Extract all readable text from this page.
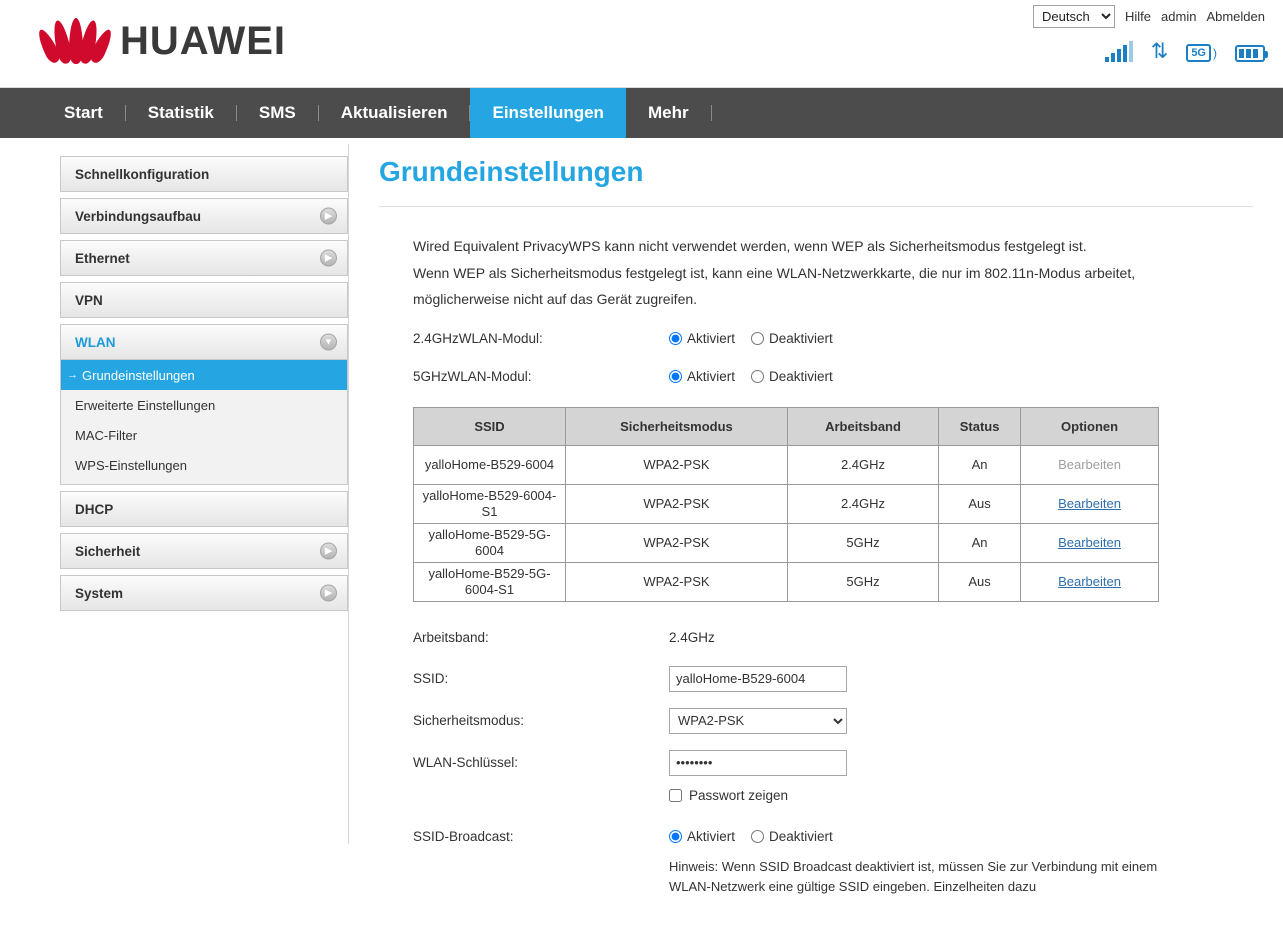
HUAWEI
Deutsch
Hilfe admin Abmelden
⇅	5G )
Start	Statistik	SMS	Aktualisieren	Einstellungen	Mehr
Schnellkonfiguration
Verbindungsaufbau	▶
Ethernet	▶
VPN
WLAN	▼
→ Grundeinstellungen
Erweiterte Einstellungen
MAC-Filter
WPS-Einstellungen
DHCP
Sicherheit	▶
System	▶
Grundeinstellungen
Wired Equivalent PrivacyWPS kann nicht verwendet werden, wenn WEP als Sicherheitsmodus festgelegt ist.
Wenn WEP als Sicherheitsmodus festgelegt ist, kann eine WLAN-Netzwerkkarte, die nur im 802.11n-Modus arbeitet, möglicherweise nicht auf das Gerät zugreifen.
2.4GHzWLAN-Modul:	Aktiviert	Deaktiviert
5GHzWLAN-Modul:	Aktiviert	Deaktiviert
SSID	Sicherheitsmodus	Arbeitsband	Status	Optionen
yalloHome-B529-6004	WPA2-PSK	2.4GHz	An	Bearbeiten
yalloHome-B529-6004-S1	WPA2-PSK	2.4GHz	Aus	Bearbeiten
yalloHome-B529-5G-6004	WPA2-PSK	5GHz	An	Bearbeiten
yalloHome-B529-5G-6004-S1	WPA2-PSK	5GHz	Aus	Bearbeiten
Arbeitsband:	2.4GHz
SSID:
yalloHome-B529-6004
Sicherheitsmodus:
WPA2-PSK
WLAN-Schlüssel:
••••••••
Passwort zeigen
SSID-Broadcast:	Aktiviert	Deaktiviert
Hinweis: Wenn SSID Broadcast deaktiviert ist, müssen Sie zur Verbindung mit einem WLAN-Netzwerk eine gültige SSID eingeben. Einzelheiten dazu
